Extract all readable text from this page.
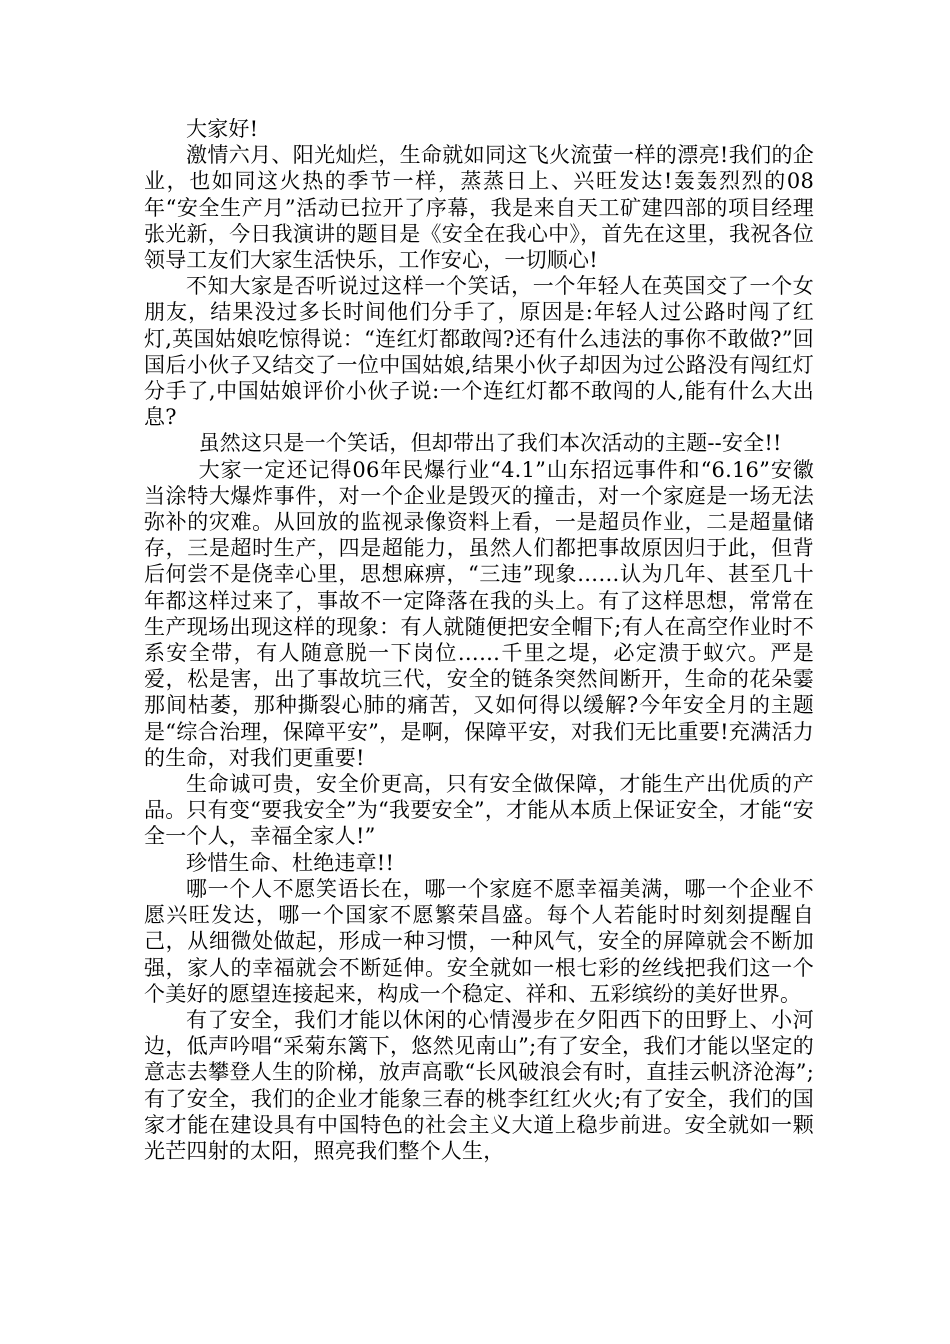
大家好!

激情六月、阳光灿烂，生命就如同这飞火流萤一样的漂亮!我们的企业，也如同这火热的季节一样，蒸蒸日上、兴旺发达!轰轰烈烈的08年“安全生产月”活动已拉开了序幕，我是来自天工矿建四部的项目经理张光新，今日我演讲的题目是《安全在我心中》，首先在这里，我祝各位领导工友们大家生活快乐，工作安心，一切顺心!

不知大家是否听说过这样一个笑话，一个年轻人在英国交了一个女朋友，结果没过多长时间他们分手了，原因是:年轻人过公路时闯了红灯,英国姑娘吃惊得说：“连红灯都敢闯?还有什么违法的事你不敢做?”回国后小伙子又结交了一位中国姑娘,结果小伙子却因为过公路没有闯红灯分手了,中国姑娘评价小伙子说:一个连红灯都不敢闯的人,能有什么大出息?

虽然这只是一个笑话，但却带出了我们本次活动的主题--安全!!

大家一定还记得06年民爆行业“4.1”山东招远事件和“6.16”安徽当涂特大爆炸事件，对一个企业是毁灭的撞击，对一个家庭是一场无法弥补的灾难。从回放的监视录像资料上看，一是超员作业，二是超量储存，三是超时生产，四是超能力，虽然人们都把事故原因归于此，但背后何尝不是侥幸心里，思想麻痹，“三违”现象……认为几年、甚至几十年都这样过来了，事故不一定降落在我的头上。有了这样思想，常常在生产现场出现这样的现象：有人就随便把安全帽下;有人在高空作业时不系安全带，有人随意脱一下岗位……千里之堤，必定溃于蚁穴。严是爱，松是害，出了事故坑三代，安全的链条突然间断开，生命的花朵霎那间枯萎，那种撕裂心肺的痛苦，又如何得以缓解?今年安全月的主题是“综合治理，保障平安”，是啊，保障平安，对我们无比重要!充满活力的生命，对我们更重要!

生命诚可贵，安全价更高，只有安全做保障，才能生产出优质的产品。只有变“要我安全”为“我要安全”，才能从本质上保证安全，才能“安全一个人，幸福全家人!”

珍惜生命、杜绝违章!!

哪一个人不愿笑语长在，哪一个家庭不愿幸福美满，哪一个企业不愿兴旺发达，哪一个国家不愿繁荣昌盛。每个人若能时时刻刻提醒自己，从细微处做起，形成一种习惯，一种风气，安全的屏障就会不断加强，家人的幸福就会不断延伸。安全就如一根七彩的丝线把我们这一个个美好的愿望连接起来，构成一个稳定、祥和、五彩缤纷的美好世界。

有了安全，我们才能以休闲的心情漫步在夕阳西下的田野上、小河边，低声吟唱“采菊东篱下，悠然见南山”;有了安全，我们才能以坚定的意志去攀登人生的阶梯，放声高歌“长风破浪会有时，直挂云帆济沧海”;有了安全，我们的企业才能象三春的桃李红红火火;有了安全，我们的国家才能在建设具有中国特色的社会主义大道上稳步前进。安全就如一颗光芒四射的太阳，照亮我们整个人生，
